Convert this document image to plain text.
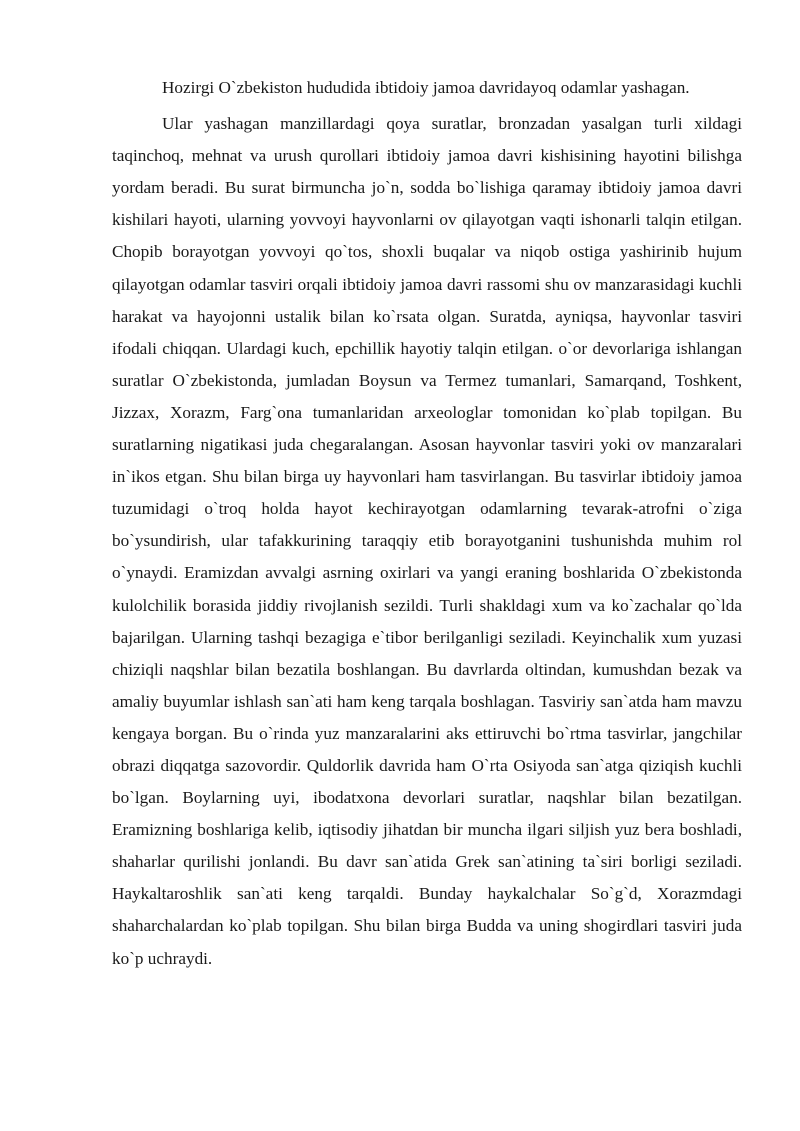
Hozirgi O`zbekiston hududida ibtidoiy jamoa davridayoq odamlar yashagan.

Ular yashagan manzillardagi qoya suratlar, bronzadan yasalgan turli xildagi taqinchoq, mehnat va urush qurollari ibtidoiy jamoa davri kishisining hayotini bilishga yordam beradi. Bu surat birmuncha jo`n, sodda bo`lishiga qaramay ibtidoiy jamoa davri kishilari hayoti, ularning yovvoyi hayvonlarni ov qilayotgan vaqti ishonarli talqin etilgan. Chopib borayotgan yovvoyi qo`tos, shoxli buqalar va niqob ostiga yashirinib hujum qilayotgan odamlar tasviri orqali ibtidoiy jamoa davri rassomi shu ov manzarasidagi kuchli harakat va hayojonni ustalik bilan ko`rsata olgan. Suratda, ayniqsa, hayvonlar tasviri ifodali chiqqan. Ulardagi kuch, epchillik hayotiy talqin etilgan. o`or devorlariga ishlangan suratlar O`zbekistonda, jumladan Boysun va Termez tumanlari, Samarqand, Toshkent, Jizzax, Xorazm, Farg`ona tumanlaridan arxeologlar tomonidan ko`plab topilgan. Bu suratlarning nigatikasi juda chegaralangan. Asosan hayvonlar tasviri yoki ov manzaralari in`ikos etgan. Shu bilan birga uy hayvonlari ham tasvirlangan. Bu tasvirlar ibtidoiy jamoa tuzumidagi o`troq holda hayot kechirayotgan odamlarning tevarak-atrofni o`ziga bo`ysundirish, ular tafakkurining taraqqiy etib borayotganini tushunishda muhim rol o`ynaydi. Eramizdan avvalgi asrning oxirlari va yangi eraning boshlarida O`zbekistonda kulolchilik borasida jiddiy rivojlanish sezildi. Turli shakldagi xum va ko`zachalar qo`lda bajarilgan. Ularning tashqi bezagiga e`tibor berilganligi seziladi. Keyinchalik xum yuzasi chiziqli naqshlar bilan bezatila boshlangan. Bu davrlarda oltindan, kumushdan bezak va amaliy buyumlar ishlash san`ati ham keng tarqala boshlagan. Tasviriy san`atda ham mavzu kengaya borgan. Bu o`rinda yuz manzaralarini aks ettiruvchi bo`rtma tasvirlar, jangchilar obrazi diqqatga sazovordir. Quldorlik davrida ham O`rta Osiyoda san`atga qiziqish kuchli bo`lgan. Boylarning uyi, ibodatxona devorlari suratlar, naqshlar bilan bezatilgan. Eramizning boshlariga kelib, iqtisodiy jihatdan bir muncha ilgari siljish yuz bera boshladi, shaharlar qurilishi jonlandi. Bu davr san`atida Grek san`atining ta`siri borligi seziladi. Haykaltaroshlik san`ati keng tarqaldi. Bunday haykalchalar So`g`d, Xorazmdagi shaharchalardan ko`plab topilgan. Shu bilan birga Budda va uning shogirdlari tasviri juda ko`p uchraydi.
